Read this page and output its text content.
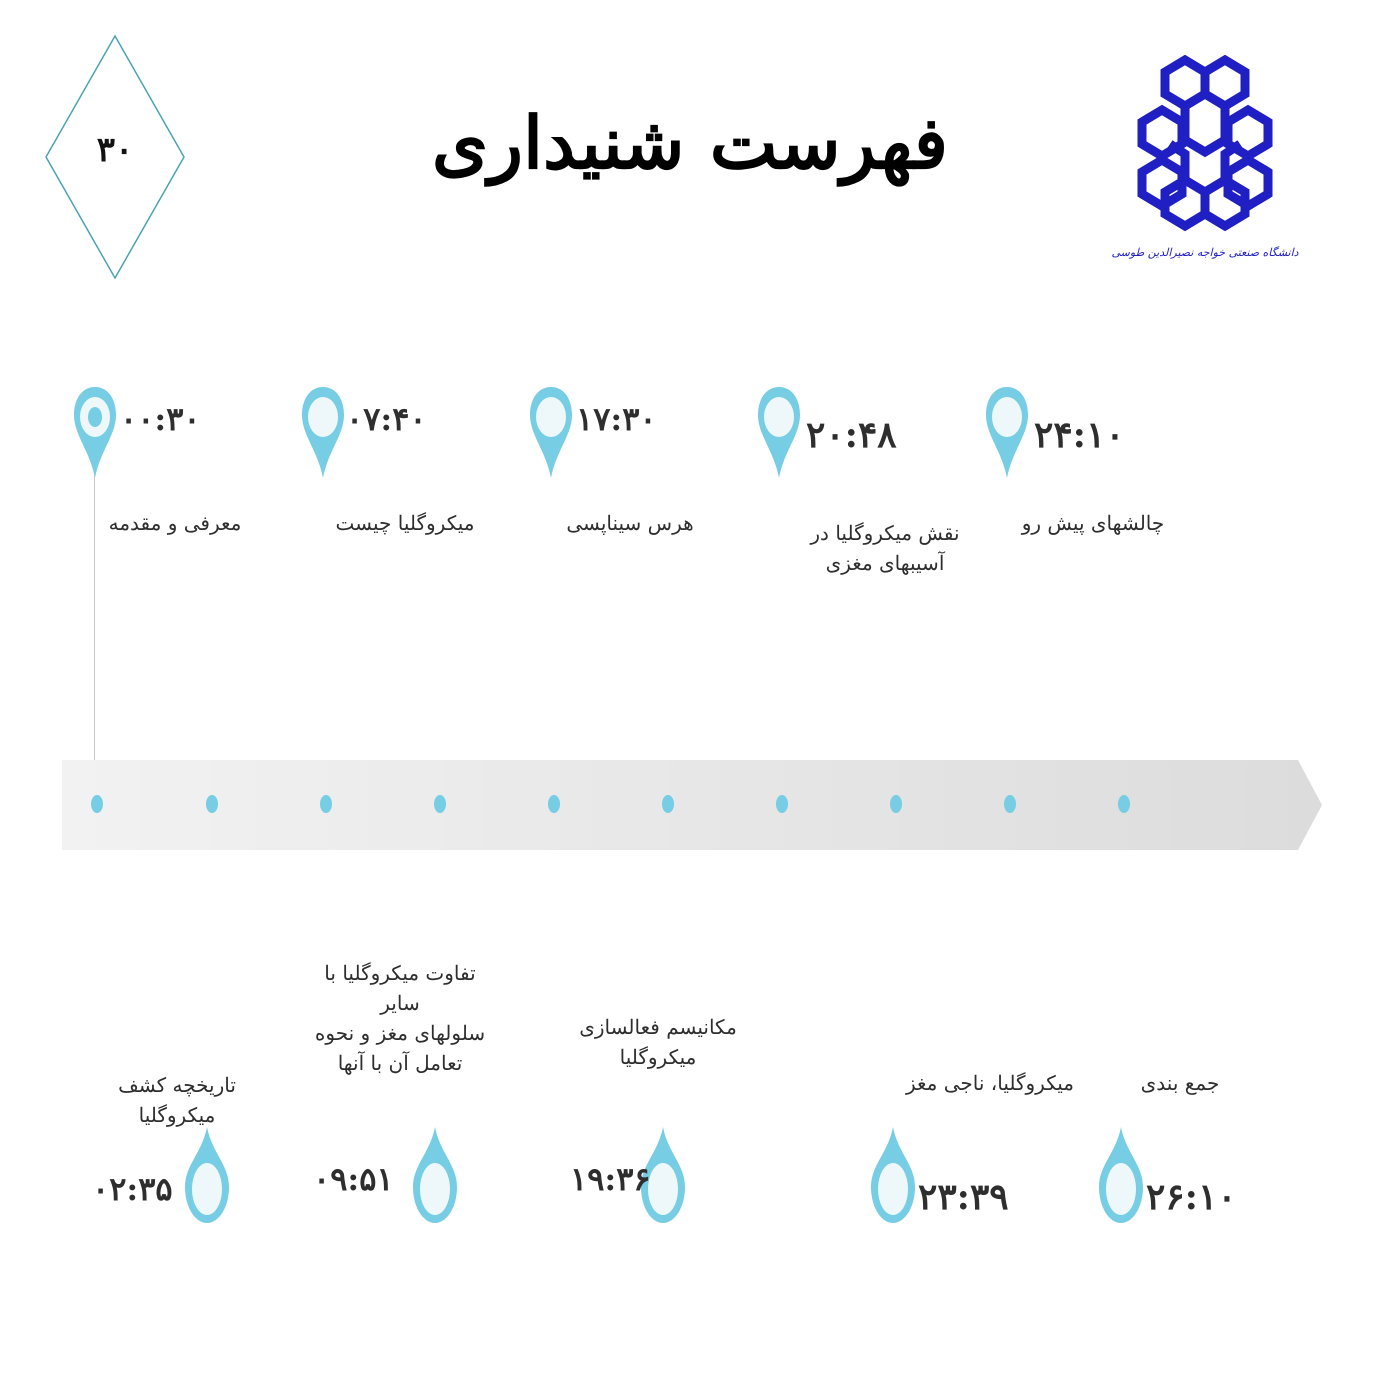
۳۰	فهرست شنیداری
دانشگاه صنعتی خواجه نصیرالدین طوسی
۰۰:۳۰
معرفی و مقدمه
۰۷:۴۰
میکروگلیا چیست
۱۷:۳۰
هرس سیناپسی
۲۰:۴۸
نقش میکروگلیا در
آسیبهای مغزی
۲۴:۱۰
چالشهای پیش رو
۰۲:۳۵
تاریخچه کشف میکروگلیا
۰۹:۵۱
تفاوت میکروگلیا با سایر
سلولهای مغز و نحوه
تعامل آن با آنها
۱۹:۳۶
مکانیسم فعالسازی
میکروگلیا
۲۳:۳۹
میکروگلیا، ناجی مغز
۲۶:۱۰
جمع بندی
